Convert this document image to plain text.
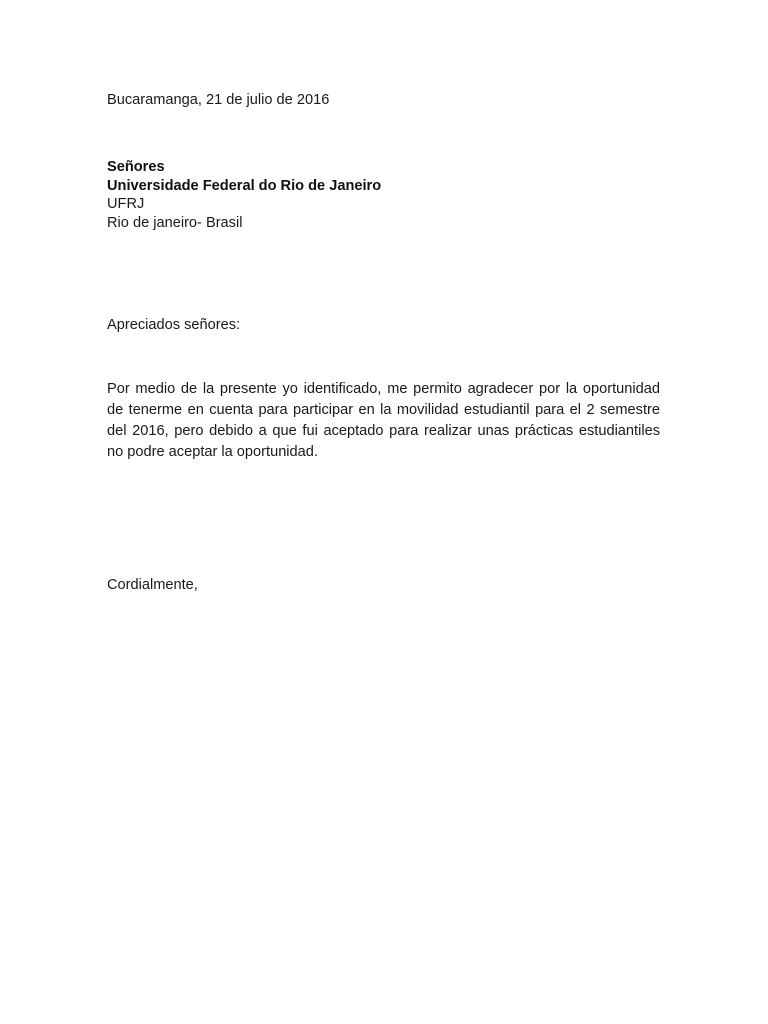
Bucaramanga, 21 de julio de 2016
Señores
Universidade Federal do Rio de Janeiro
UFRJ
Rio de janeiro- Brasil
Apreciados señores:
Por medio de la presente yo identificado, me permito agradecer por la oportunidad
de tenerme en cuenta para participar en la movilidad estudiantil para el 2 semestre
del 2016, pero debido a que fui aceptado para realizar unas prácticas estudiantiles
no podre aceptar la oportunidad.
Cordialmente,
